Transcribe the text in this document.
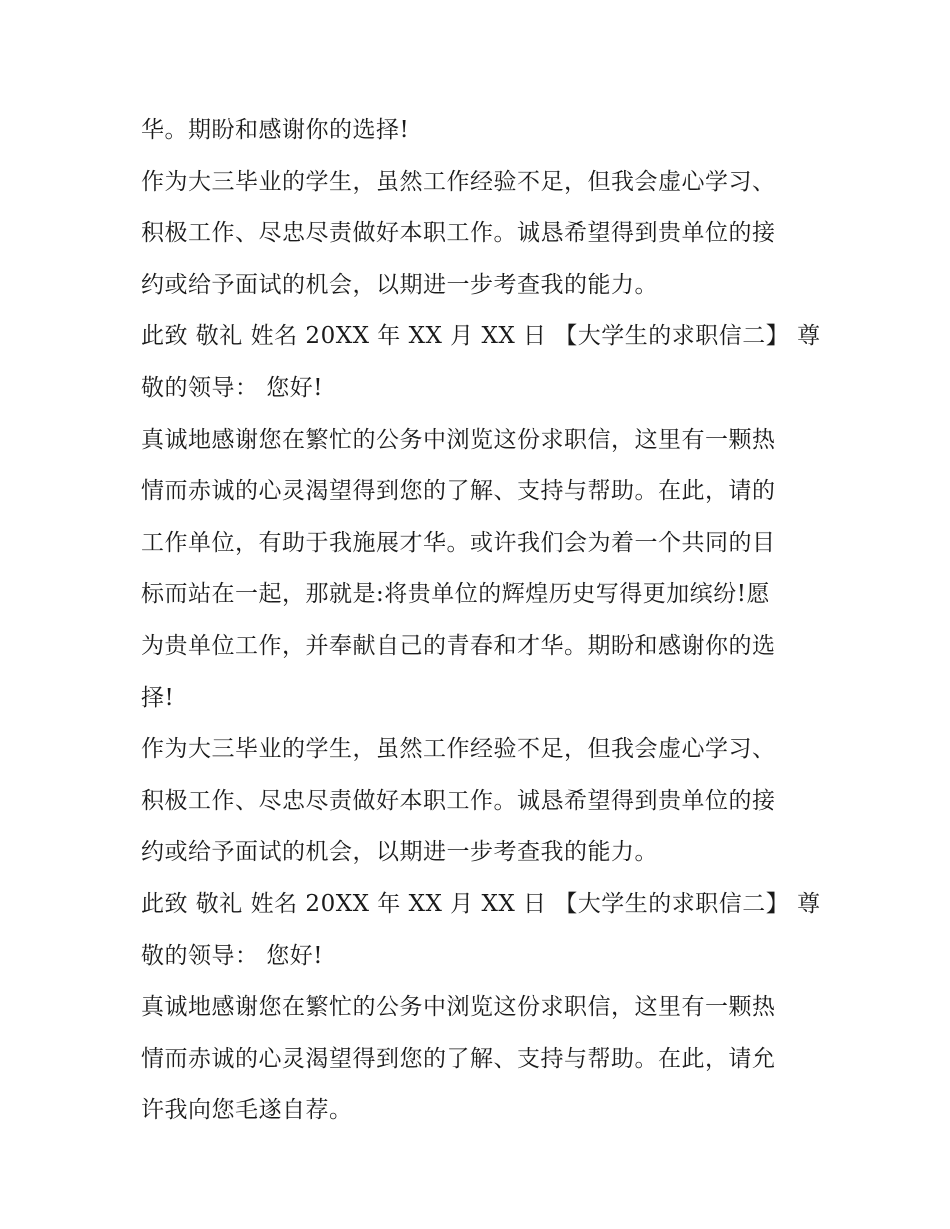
华。期盼和感谢你的选择!
作为大三毕业的学生，虽然工作经验不足，但我会虚心学习、
积极工作、尽忠尽责做好本职工作。诚恳希望得到贵单位的接
约或给予面试的机会，以期进一步考查我的能力。
此致 敬礼 姓名 20XX 年 XX 月 XX 日 【大学生的求职信二】 尊
敬的领导： 您好!
真诚地感谢您在繁忙的公务中浏览这份求职信，这里有一颗热
情而赤诚的心灵渴望得到您的了解、支持与帮助。在此，请的
工作单位，有助于我施展才华。或许我们会为着一个共同的目
标而站在一起，那就是:将贵单位的辉煌历史写得更加缤纷!愿
为贵单位工作，并奉献自己的青春和才华。期盼和感谢你的选
择!
作为大三毕业的学生，虽然工作经验不足，但我会虚心学习、
积极工作、尽忠尽责做好本职工作。诚恳希望得到贵单位的接
约或给予面试的机会，以期进一步考查我的能力。
此致 敬礼 姓名 20XX 年 XX 月 XX 日 【大学生的求职信二】 尊
敬的领导： 您好!
真诚地感谢您在繁忙的公务中浏览这份求职信，这里有一颗热
情而赤诚的心灵渴望得到您的了解、支持与帮助。在此，请允
许我向您毛遂自荐。
